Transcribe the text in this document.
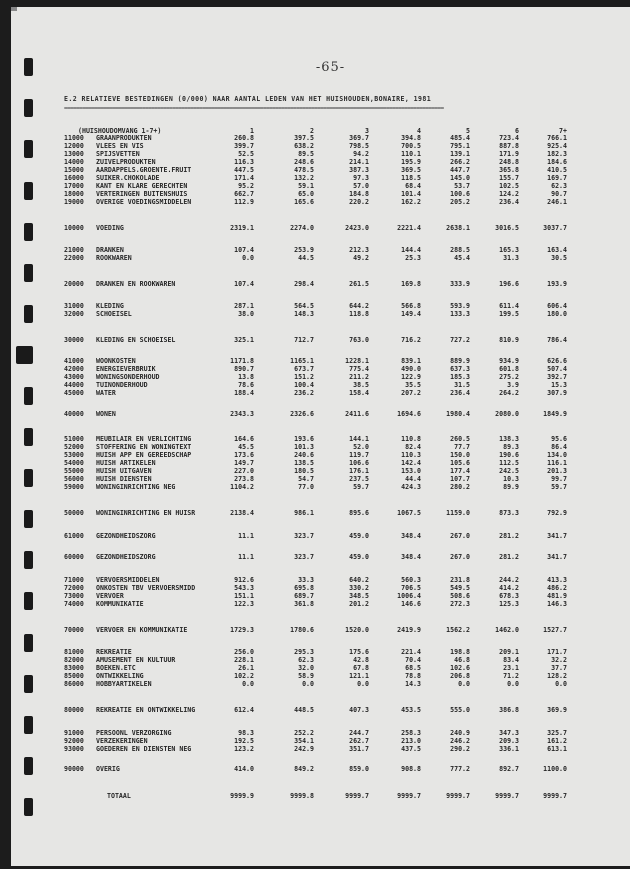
-65-
E.2 RELATIEVE BESTEDINGEN (0/000) NAAR AANTAL LEDEN VAN HET HUISHOUDEN,BONAIRE, 1981
==============================================================================================================================
(HUISHOUDOMVANG 1-7+)	1	2	3	4	5	6	7+
11000	GRAANPRODUKTEN	260.8	397.5	369.7	394.8	485.4	723.4	766.1
12000	VLEES EN VIS	399.7	638.2	798.5	700.5	795.1	887.8	925.4
13000	SPIJSVETTEN	52.5	89.5	94.2	110.1	139.1	171.9	182.3
14000	ZUIVELPRODUKTEN	116.3	248.6	214.1	195.9	266.2	248.8	184.6
15000	AARDAPPELS.GROENTE.FRUIT	447.5	478.5	387.3	369.5	447.7	365.8	410.5
16000	SUIKER.CHOKOLADE	171.4	132.2	97.3	118.5	145.0	155.7	169.7
17000	KANT EN KLARE GERECHTEN	95.2	59.1	57.0	68.4	53.7	102.5	62.3
18000	VERTERINGEN BUITENSHUIS	662.7	65.0	184.8	101.4	100.6	124.2	90.7
19000	OVERIGE VOEDINGSMIDDELEN	112.9	165.6	220.2	162.2	205.2	236.4	246.1
10000	VOEDING	2319.1	2274.0	2423.0	2221.4	2638.1	3016.5	3037.7
21000	DRANKEN	107.4	253.9	212.3	144.4	288.5	165.3	163.4
22000	ROOKWAREN	0.0	44.5	49.2	25.3	45.4	31.3	30.5
20000	DRANKEN EN ROOKWAREN	107.4	298.4	261.5	169.8	333.9	196.6	193.9
31000	KLEDING	287.1	564.5	644.2	566.8	593.9	611.4	606.4
32000	SCHOEISEL	38.0	148.3	118.8	149.4	133.3	199.5	180.0
30000	KLEDING EN SCHOEISEL	325.1	712.7	763.0	716.2	727.2	810.9	786.4
41000	WOONKOSTEN	1171.8	1165.1	1228.1	839.1	889.9	934.9	626.6
42000	ENERGIEVERBRUIK	890.7	673.7	775.4	490.0	637.3	601.8	507.4
43000	WONINGSONDERHOUD	13.8	151.2	211.2	122.9	185.3	275.2	392.7
44000	TUINONDERHOUD	78.6	100.4	38.5	35.5	31.5	3.9	15.3
45000	WATER	188.4	236.2	158.4	207.2	236.4	264.2	307.9
40000	WONEN	2343.3	2326.6	2411.6	1694.6	1980.4	2080.0	1849.9
51000	MEUBILAIR EN VERLICHTING	164.6	193.6	144.1	110.8	260.5	138.3	95.6
52000	STOFFERING EN WONINGTEXT	45.5	101.3	52.0	82.4	77.7	89.3	86.4
53000	HUISH APP EN GEREEDSCHAP	173.6	240.6	119.7	110.3	150.0	190.6	134.0
54000	HUISH ARTIKELEN	149.7	138.5	106.6	142.4	105.6	112.5	116.1
55000	HUISH UITGAVEN	227.0	180.5	176.1	153.0	177.4	242.5	201.3
56000	HUISH DIENSTEN	273.8	54.7	237.5	44.4	107.7	10.3	99.7
59000	WONINGINRICHTING NEG	1104.2	77.0	59.7	424.3	280.2	89.9	59.7
50000	WONINGINRICHTING EN HUISR	2138.4	986.1	895.6	1067.5	1159.0	873.3	792.9
61000	GEZONDHEIDSZORG	11.1	323.7	459.0	348.4	267.0	281.2	341.7
60000	GEZONDHEIDSZORG	11.1	323.7	459.0	348.4	267.0	281.2	341.7
71000	VERVOERSMIDDELEN	912.6	33.3	640.2	560.3	231.8	244.2	413.3
72000	ONKOSTEN TBV VERVOERSMIDD	543.3	695.8	330.2	706.5	549.5	414.2	486.2
73000	VERVOER	151.1	689.7	348.5	1006.4	508.6	678.3	481.9
74000	KOMMUNIKATIE	122.3	361.8	201.2	146.6	272.3	125.3	146.3
70000	VERVOER EN KOMMUNIKATIE	1729.3	1780.6	1520.0	2419.9	1562.2	1462.0	1527.7
81000	REKREATIE	256.0	295.3	175.6	221.4	198.8	209.1	171.7
82000	AMUSEMENT EN KULTUUR	228.1	62.3	42.8	70.4	46.8	83.4	32.2
83000	BOEKEN.ETC	26.1	32.0	67.8	68.5	102.6	23.1	37.7
85000	ONTWIKKELING	102.2	58.9	121.1	78.8	206.8	71.2	128.2
86000	HOBBYARTIKELEN	0.0	0.0	0.0	14.3	0.0	0.0	0.0
80000	REKREATIE EN ONTWIKKELING	612.4	448.5	407.3	453.5	555.0	386.8	369.9
91000	PERSOONL VERZORGING	98.3	252.2	244.7	258.3	240.9	347.3	325.7
92000	VERZEKERINGEN	192.5	354.1	262.7	213.0	246.2	209.3	161.2
93000	GOEDEREN EN DIENSTEN NEG	123.2	242.9	351.7	437.5	290.2	336.1	613.1
90000	OVERIG	414.0	849.2	859.0	908.8	777.2	892.7	1100.0
TOTAAL	9999.9	9999.8	9999.7	9999.7	9999.7	9999.7	9999.7
